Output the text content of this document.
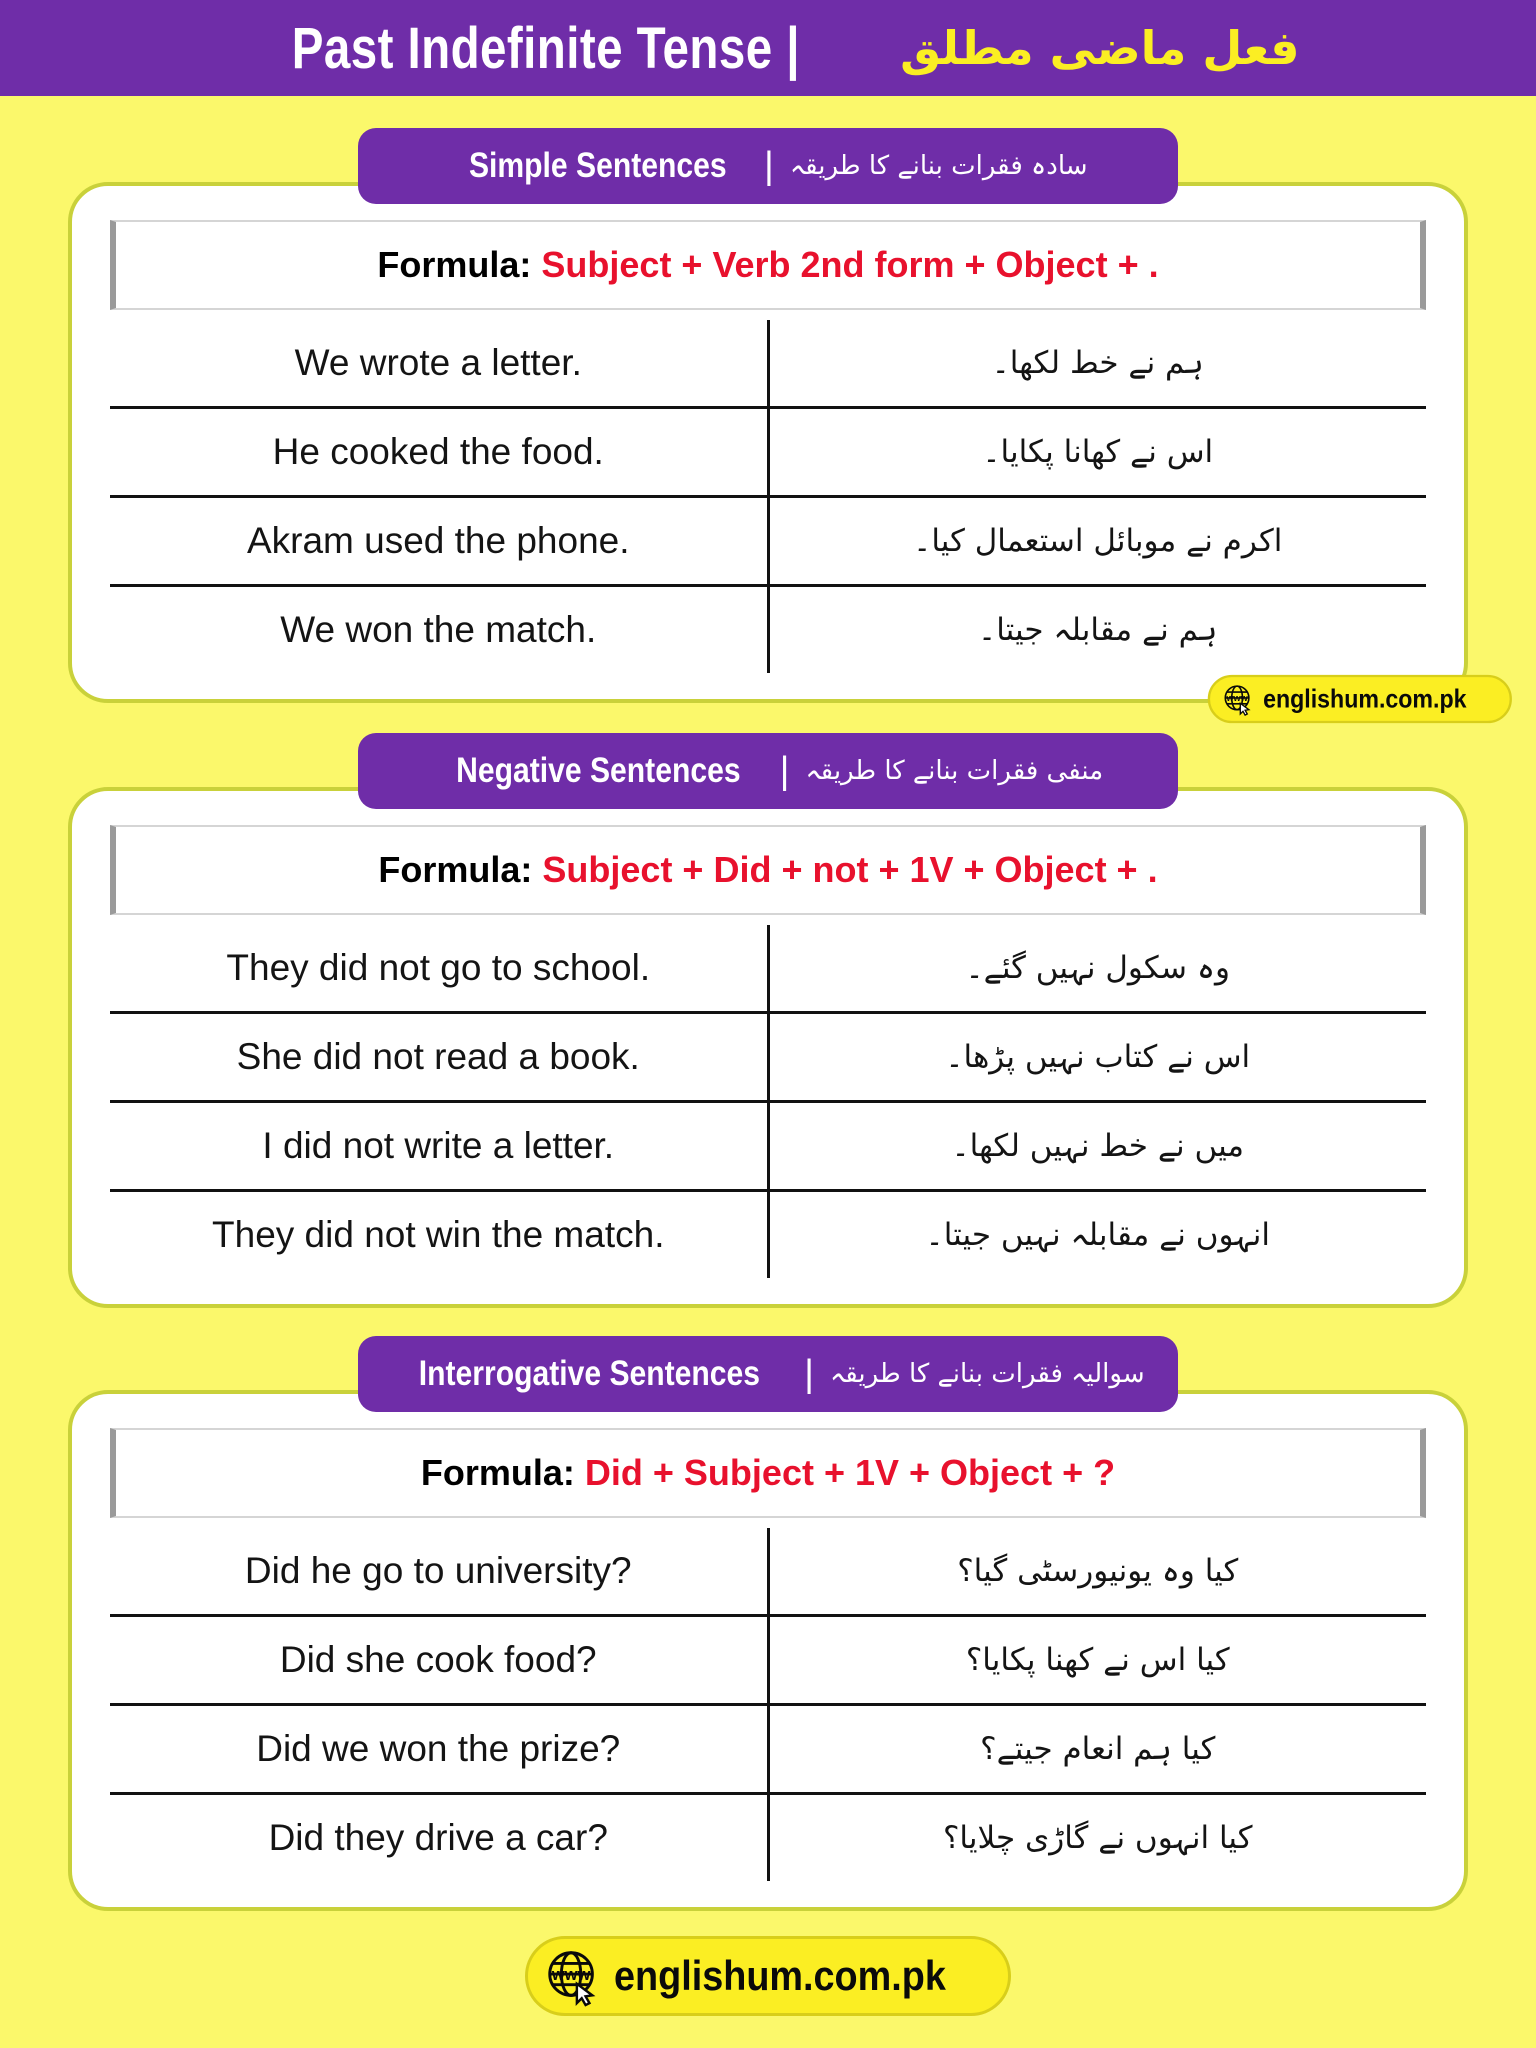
Past Indefinite Tense | فعل ماضی مطلق
Simple Sentences | سادہ فقرات بنانے کا طریقہ
Formula: Subject + Verb 2nd form + Object + .
We wrote a letter.	ہم نے خط لکھا۔
He cooked the food.	اس نے کھانا پکایا۔
Akram used the phone.	اکرم نے موبائل استعمال کیا۔
We won the match.	ہم نے مقابلہ جیتا۔
www englishum.com.pk
Negative Sentences | منفی فقرات بنانے کا طریقہ
Formula: Subject + Did + not + 1V + Object + .
They did not go to school.	وہ سکول نہیں گئے۔
She did not read a book.	اس نے کتاب نہیں پڑھا۔
I did not write a letter.	میں نے خط نہیں لکھا۔
They did not win the match.	انہوں نے مقابلہ نہیں جیتا۔
Interrogative Sentences | سوالیہ فقرات بنانے کا طریقہ
Formula: Did + Subject + 1V + Object + ?
Did he go to university?	کیا وہ یونیورسٹی گیا؟
Did she cook food?	کیا اس نے کھنا پکایا؟
Did we won the prize?	کیا ہم انعام جیتے؟
Did they drive a car?	کیا انہوں نے گاڑی چلایا؟
www englishum.com.pk
